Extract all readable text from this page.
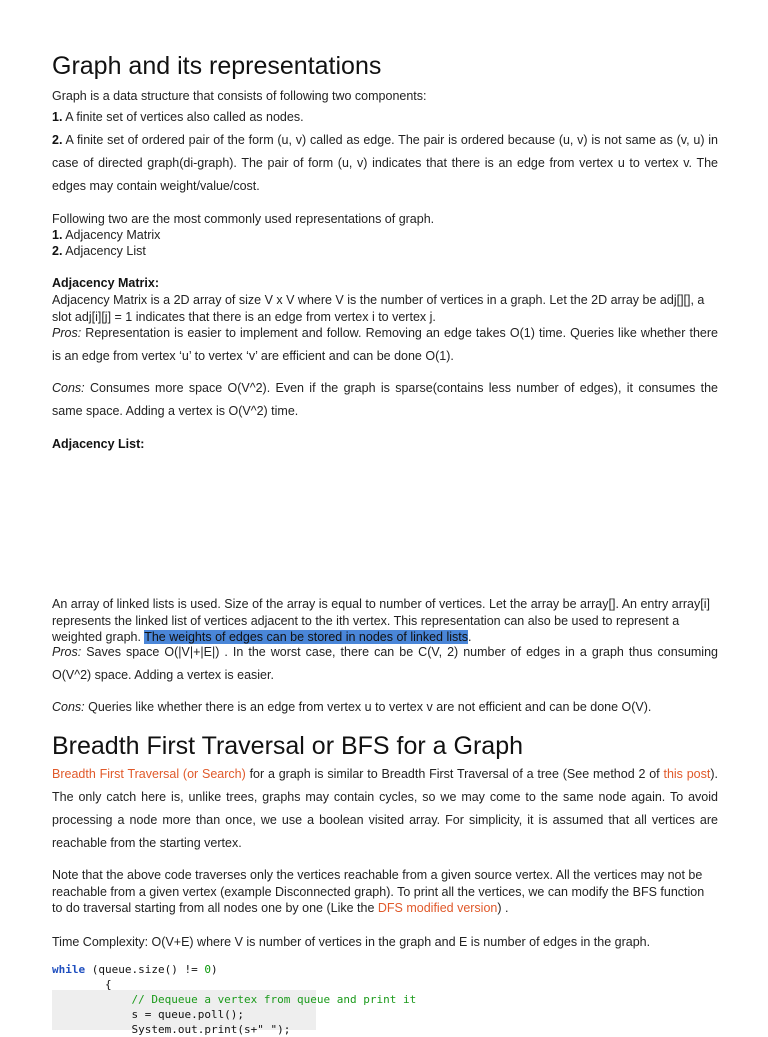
Graph and its representations

Graph is a data structure that consists of following two components:

1. A finite set of vertices also called as nodes.

2. A finite set of ordered pair of the form (u, v) called as edge. The pair is ordered because (u, v) is not same as (v, u) in case of directed graph(di-graph). The pair of form (u, v) indicates that there is an edge from vertex u to vertex v. The edges may contain weight/value/cost.

Following two are the most commonly used representations of graph.

1. Adjacency Matrix

2. Adjacency List

Adjacency Matrix:

Adjacency Matrix is a 2D array of size V x V where V is the number of vertices in a graph. Let the 2D array be adj[][], a slot adj[i][j] = 1 indicates that there is an edge from vertex i to vertex j.

Pros: Representation is easier to implement and follow. Removing an edge takes O(1) time. Queries like whether there is an edge from vertex ‘u’ to vertex ‘v’ are efficient and can be done O(1).

Cons: Consumes more space O(V^2). Even if the graph is sparse(contains less number of edges), it consumes the same space. Adding a vertex is O(V^2) time.

Adjacency List:

An array of linked lists is used. Size of the array is equal to number of vertices. Let the array be array[]. An entry array[i] represents the linked list of vertices adjacent to the ith vertex. This representation can also be used to represent a weighted graph. The weights of edges can be stored in nodes of linked lists.

Pros: Saves space O(|V|+|E|) . In the worst case, there can be C(V, 2) number of edges in a graph thus consuming O(V^2) space. Adding a vertex is easier.

Cons: Queries like whether there is an edge from vertex u to vertex v are not efficient and can be done O(V).

Breadth First Traversal or BFS for a Graph

Breadth First Traversal (or Search) for a graph is similar to Breadth First Traversal of a tree (See method 2 of this post). The only catch here is, unlike trees, graphs may contain cycles, so we may come to the same node again. To avoid processing a node more than once, we use a boolean visited array. For simplicity, it is assumed that all vertices are reachable from the starting vertex.

Note that the above code traverses only the vertices reachable from a given source vertex. All the vertices may not be reachable from a given vertex (example Disconnected graph). To print all the vertices, we can modify the BFS function to do traversal starting from all nodes one by one (Like the DFS modified version) .

Time Complexity: O(V+E) where V is number of vertices in the graph and E is number of edges in the graph.

while (queue.size() != 0)
{
// Dequeue a vertex from queue and print it
s = queue.poll();
System.out.print(s+" ");
